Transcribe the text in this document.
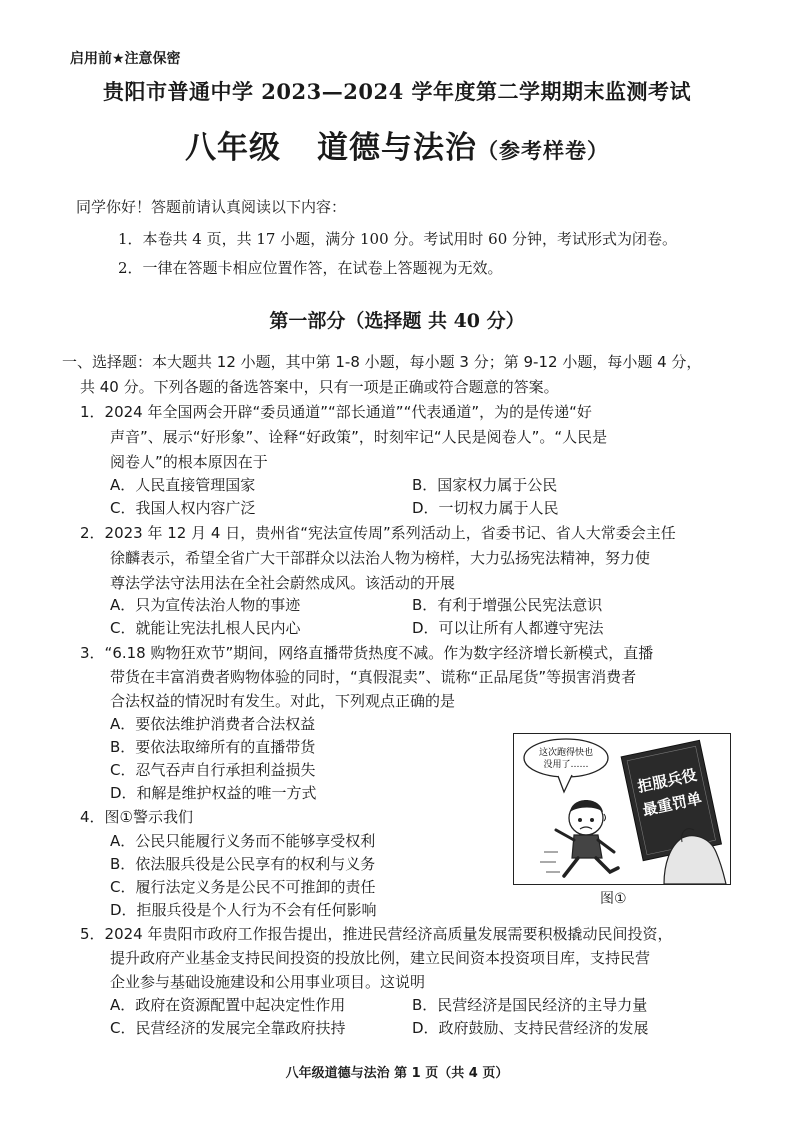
启用前★注意保密
贵阳市普通中学 2023—2024 学年度第二学期期末监测考试
八年级 道德与法治（参考样卷）
同学你好！答题前请认真阅读以下内容：
1．本卷共 4 页，共 17 小题，满分 100 分。考试用时 60 分钟，考试形式为闭卷。
2．一律在答题卡相应位置作答，在试卷上答题视为无效。
第一部分（选择题 共 40 分）
一、选择题：本大题共 12 小题，其中第 1-8 小题，每小题 3 分；第 9-12 小题，每小题 4 分，
共 40 分。下列各题的备选答案中，只有一项是正确或符合题意的答案。
1．2024 年全国两会开辟“委员通道”“部长通道”“代表通道”，为的是传递“好
声音”、展示“好形象”、诠释“好政策”，时刻牢记“人民是阅卷人”。“人民是
阅卷人”的根本原因在于
A．人民直接管理国家	B．国家权力属于公民
C．我国人权内容广泛	D．一切权力属于人民
2．2023 年 12 月 4 日，贵州省“宪法宣传周”系列活动上，省委书记、省人大常委会主任
徐麟表示，希望全省广大干部群众以法治人物为榜样，大力弘扬宪法精神，努力使
尊法学法守法用法在全社会蔚然成风。该活动的开展
A．只为宣传法治人物的事迹	B．有利于增强公民宪法意识
C．就能让宪法扎根人民内心	D．可以让所有人都遵守宪法
3．“6.18 购物狂欢节”期间，网络直播带货热度不减。作为数字经济增长新模式，直播
带货在丰富消费者购物体验的同时，“真假混卖”、谎称“正品尾货”等损害消费者
合法权益的情况时有发生。对此，下列观点正确的是
A．要依法维护消费者合法权益
B．要依法取缔所有的直播带货
C．忍气吞声自行承担利益损失
D．和解是维护权益的唯一方式
4．图①警示我们
A．公民只能履行义务而不能够享受权利
B．依法服兵役是公民享有的权利与义务
C．履行法定义务是公民不可推卸的责任
D．拒服兵役是个人行为不会有任何影响
这次跑得快也
没用了……
拒服兵役
最重罚单
图①
5．2024 年贵阳市政府工作报告提出，推进民营经济高质量发展需要积极撬动民间投资，
提升政府产业基金支持民间投资的投放比例，建立民间资本投资项目库，支持民营
企业参与基础设施建设和公用事业项目。这说明
A．政府在资源配置中起决定性作用	B．民营经济是国民经济的主导力量
C．民营经济的发展完全靠政府扶持	D．政府鼓励、支持民营经济的发展
八年级道德与法治 第 1 页（共 4 页）
